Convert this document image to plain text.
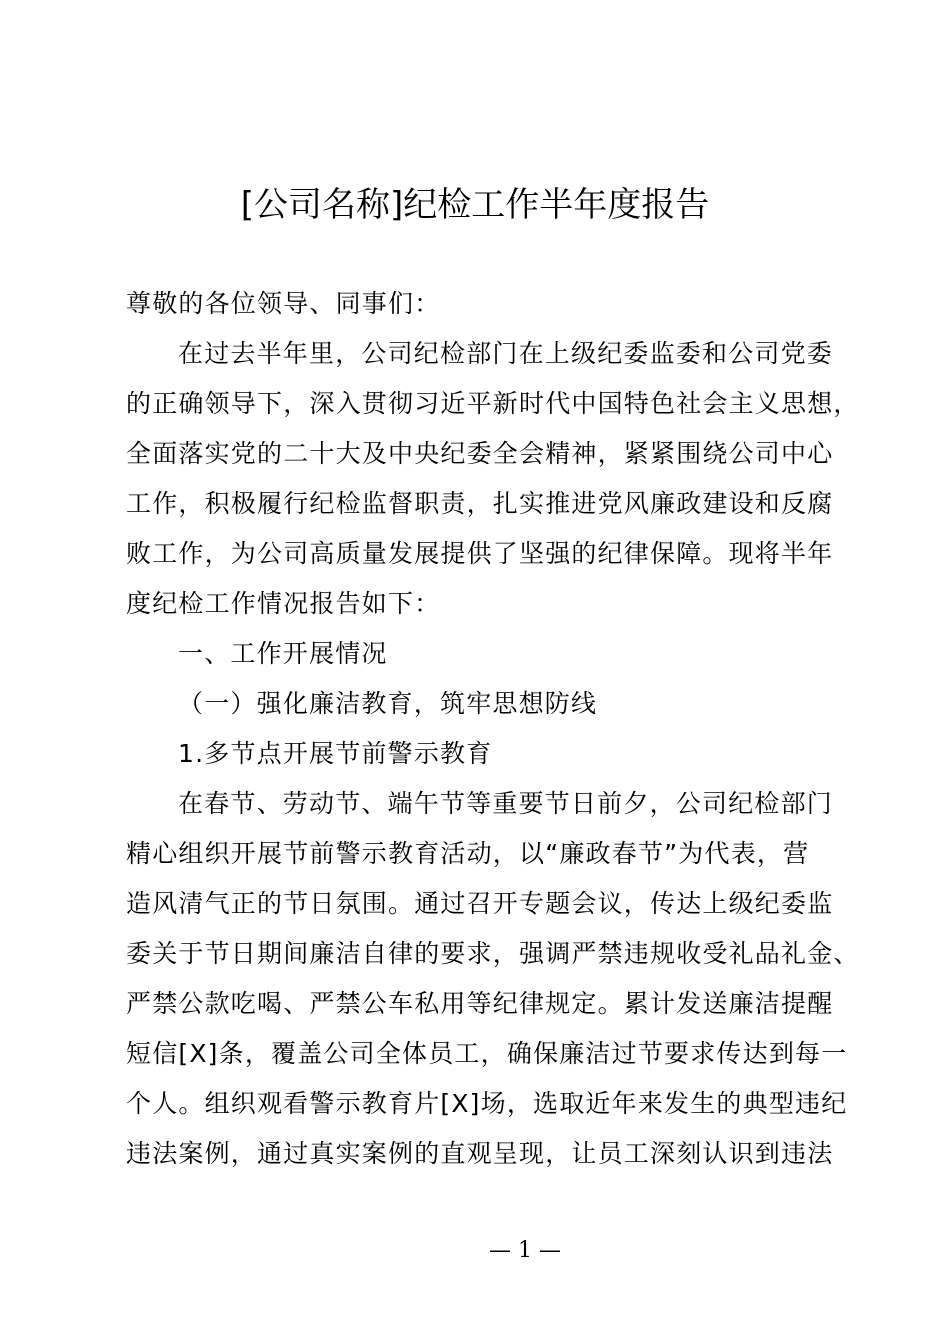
[公司名称]纪检工作半年度报告
尊敬的各位领导、同事们：
在过去半年里，公司纪检部门在上级纪委监委和公司党委
的正确领导下，深入贯彻习近平新时代中国特色社会主义思想，
全面落实党的二十大及中央纪委全会精神，紧紧围绕公司中心
工作，积极履行纪检监督职责，扎实推进党风廉政建设和反腐
败工作，为公司高质量发展提供了坚强的纪律保障。现将半年
度纪检工作情况报告如下：
一、工作开展情况
（一）强化廉洁教育，筑牢思想防线
1.多节点开展节前警示教育
在春节、劳动节、端午节等重要节日前夕，公司纪检部门
精心组织开展节前警示教育活动，以“廉政春节”为代表，营
造风清气正的节日氛围。通过召开专题会议，传达上级纪委监
委关于节日期间廉洁自律的要求，强调严禁违规收受礼品礼金、
严禁公款吃喝、严禁公车私用等纪律规定。累计发送廉洁提醒
短信[X]条，覆盖公司全体员工，确保廉洁过节要求传达到每一
个人。组织观看警示教育片[X]场，选取近年来发生的典型违纪
违法案例，通过真实案例的直观呈现，让员工深刻认识到违法
— 1 —
